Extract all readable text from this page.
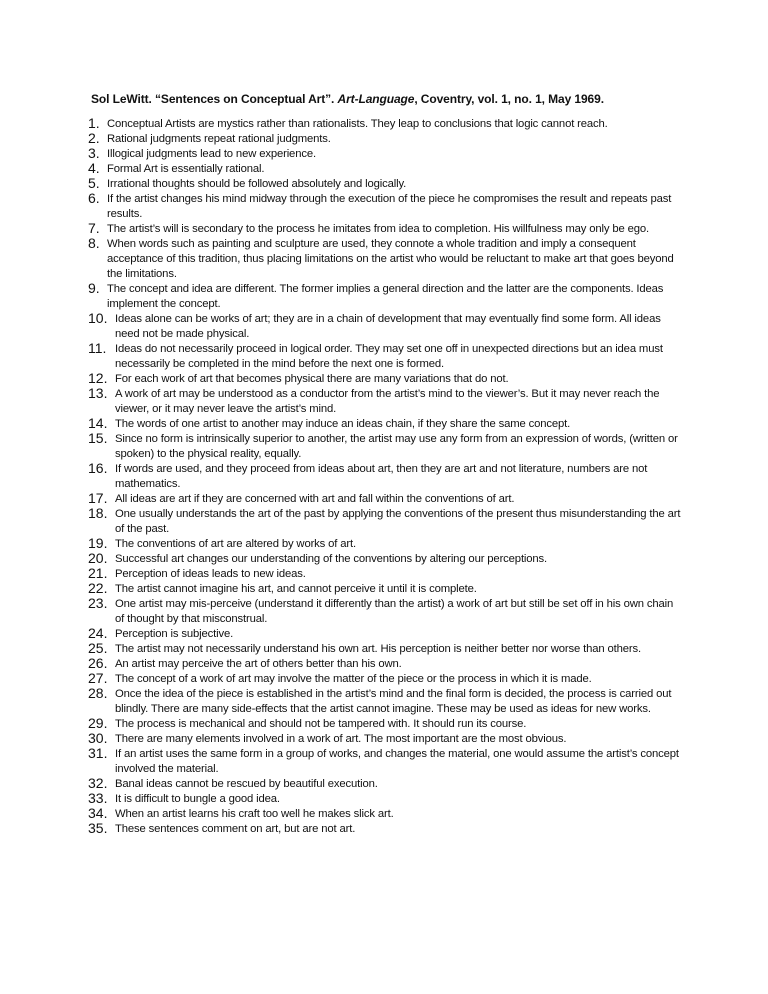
Sol LeWitt. “Sentences on Conceptual Art”. Art-Language, Coventry, vol. 1, no. 1, May 1969.
1. Conceptual Artists are mystics rather than rationalists. They leap to conclusions that logic cannot reach.
2. Rational judgments repeat rational judgments.
3. Illogical judgments lead to new experience.
4. Formal Art is essentially rational.
5. Irrational thoughts should be followed absolutely and logically.
6. If the artist changes his mind midway through the execution of the piece he compromises the result and repeats past results.
7. The artist’s will is secondary to the process he imitates from idea to completion. His willfulness may only be ego.
8. When words such as painting and sculpture are used, they connote a whole tradition and imply a consequent acceptance of this tradition, thus placing limitations on the artist who would be reluctant to make art that goes beyond the limitations.
9. The concept and idea are different. The former implies a general direction and the latter are the components. Ideas implement the concept.
10. Ideas alone can be works of art; they are in a chain of development that may eventually find some form. All ideas need not be made physical.
11. Ideas do not necessarily proceed in logical order. They may set one off in unexpected directions but an idea must necessarily be completed in the mind before the next one is formed.
12. For each work of art that becomes physical there are many variations that do not.
13. A work of art may be understood as a conductor from the artist’s mind to the viewer’s. But it may never reach the viewer, or it may never leave the artist’s mind.
14. The words of one artist to another may induce an ideas chain, if they share the same concept.
15. Since no form is intrinsically superior to another, the artist may use any form from an expression of words, (written or spoken) to the physical reality, equally.
16. If words are used, and they proceed from ideas about art, then they are art and not literature, numbers are not mathematics.
17. All ideas are art if they are concerned with art and fall within the conventions of art.
18. One usually understands the art of the past by applying the conventions of the present thus misunderstanding the art of the past.
19. The conventions of art are altered by works of art.
20. Successful art changes our understanding of the conventions by altering our perceptions.
21. Perception of ideas leads to new ideas.
22. The artist cannot imagine his art, and cannot perceive it until it is complete.
23. One artist may mis-perceive (understand it differently than the artist) a work of art but still be set off in his own chain of thought by that misconstrual.
24. Perception is subjective.
25. The artist may not necessarily understand his own art. His perception is neither better nor worse than others.
26. An artist may perceive the art of others better than his own.
27. The concept of a work of art may involve the matter of the piece or the process in which it is made.
28. Once the idea of the piece is established in the artist’s mind and the final form is decided, the process is carried out blindly. There are many side-effects that the artist cannot imagine. These may be used as ideas for new works.
29. The process is mechanical and should not be tampered with. It should run its course.
30. There are many elements involved in a work of art. The most important are the most obvious.
31. If an artist uses the same form in a group of works, and changes the material, one would assume the artist’s concept involved the material.
32. Banal ideas cannot be rescued by beautiful execution.
33. It is difficult to bungle a good idea.
34. When an artist learns his craft too well he makes slick art.
35. These sentences comment on art, but are not art.
